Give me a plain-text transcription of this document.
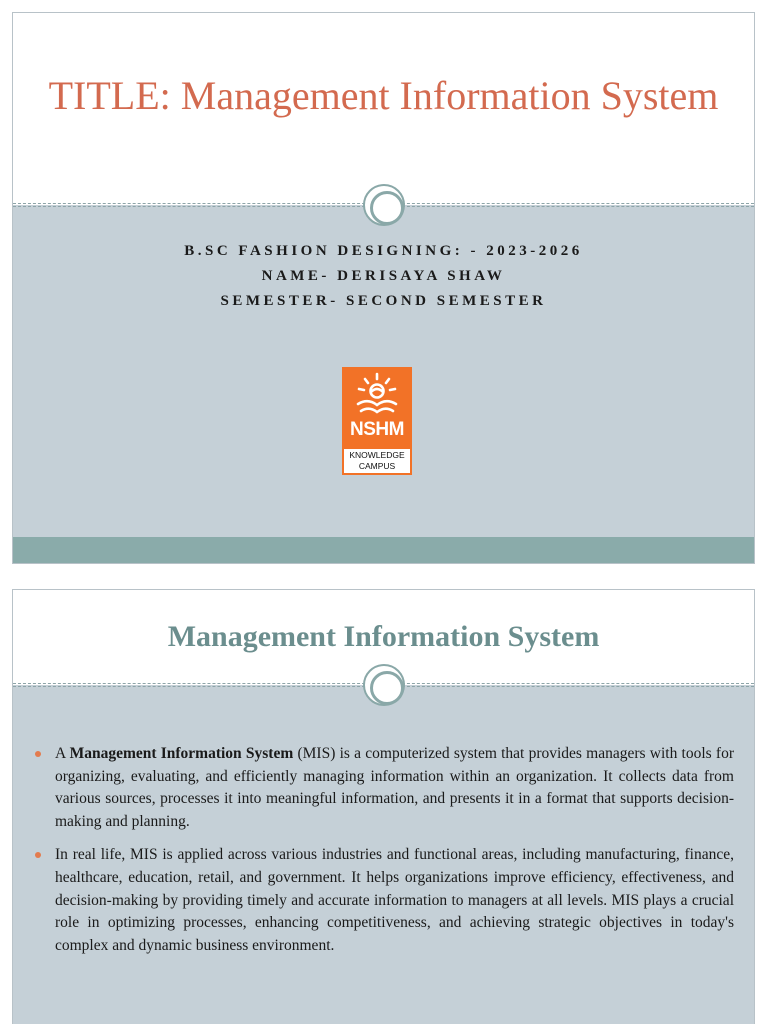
TITLE: Management Information System
B.SC FASHION DESIGNING: - 2023-2026
NAME- DERISAYA SHAW
SEMESTER- SECOND SEMESTER
NSHM
KNOWLEDGE
CAMPUS
Management Information System
A Management Information System (MIS) is a computerized system that provides managers with tools for organizing, evaluating, and efficiently managing information within an organization. It collects data from various sources, processes it into meaningful information, and presents it in a format that supports decision-making and planning.
In real life, MIS is applied across various industries and functional areas, including manufacturing, finance, healthcare, education, retail, and government. It helps organizations improve efficiency, effectiveness, and decision-making by providing timely and accurate information to managers at all levels. MIS plays a crucial role in optimizing processes, enhancing competitiveness, and achieving strategic objectives in today's complex and dynamic business environment.
